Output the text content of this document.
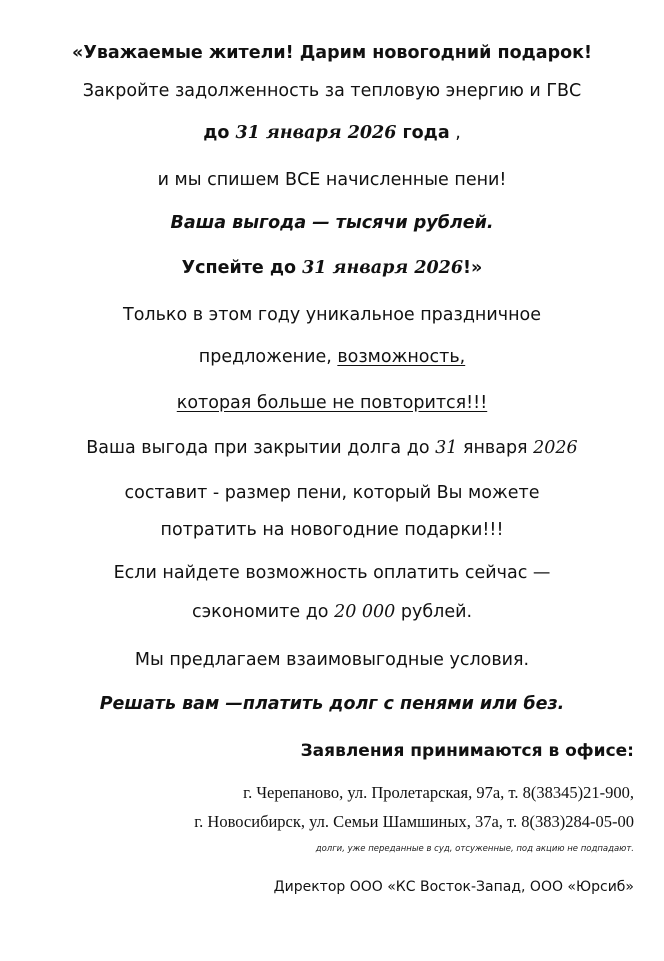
«Уважаемые жители! Дарим новогодний подарок!
Закройте задолженность за тепловую энергию и ГВС
до 31 января 2026 года ,
и мы спишем ВСЕ начисленные пени!
Ваша выгода — тысячи рублей.
Успейте до 31 января 2026!»
Только в этом году уникальное праздничное
предложение, возможность,
которая больше не повторится!!!
Ваша выгода при закрытии долга до 31 января 2026
составит - размер пени, который Вы можете
потратить на новогодние подарки!!!
Если найдете возможность оплатить сейчас —
сэкономите до 20 000 рублей.
Мы предлагаем взаимовыгодные условия.
Решать вам —платить долг с пенями или без.
Заявления принимаются в офисе:
г. Черепаново, ул. Пролетарская, 97а, т. 8(38345)21-900,
г. Новосибирск, ул. Семьи Шамшиных, 37а, т. 8(383)284-05-00
долги, уже переданные в суд, отсуженные, под акцию не подпадают.
Директор ООО «КС Восток-Запад, ООО «Юрсиб»
